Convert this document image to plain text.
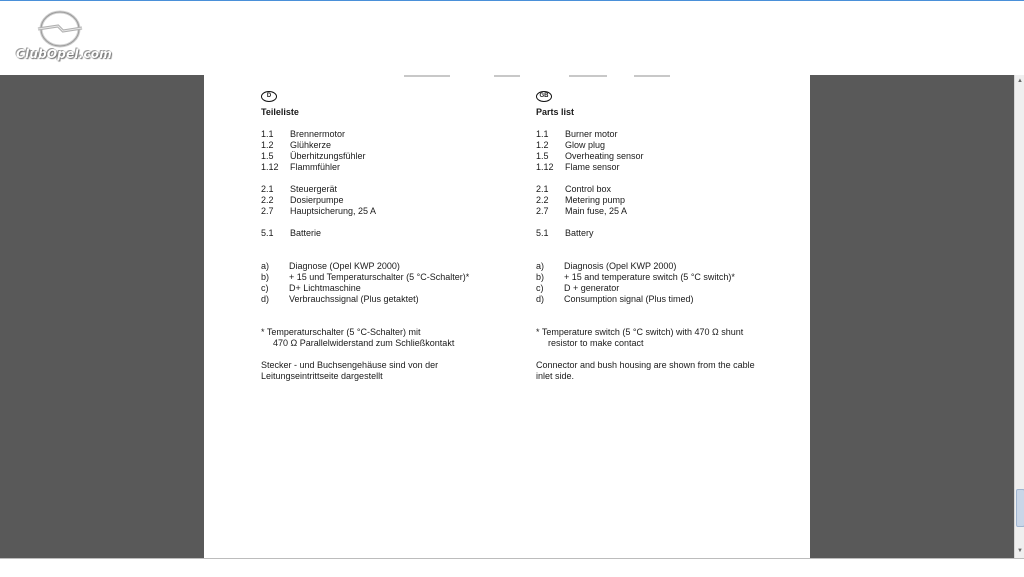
ClubOpel.com
D
Teileliste
1.1	Brennermotor
1.2	Glühkerze
1.5	Überhitzungsfühler
1.12	Flammfühler
2.1	Steuergerät
2.2	Dosierpumpe
2.7	Hauptsicherung, 25 A
5.1	Batterie
a)	Diagnose (Opel KWP 2000)
b)	+ 15 und Temperaturschalter (5 °C-Schalter)*
c)	D+ Lichtmaschine
d)	Verbrauchssignal (Plus getaktet)
* Temperaturschalter (5 °C-Schalter) mit
470 Ω Parallelwiderstand zum Schließkontakt
Stecker - und Buchsengehäuse sind von der
Leitungseintrittseite dargestellt
GB
Parts list
1.1	Burner motor
1.2	Glow plug
1.5	Overheating sensor
1.12	Flame sensor
2.1	Control box
2.2	Metering pump
2.7	Main fuse, 25 A
5.1	Battery
a)	Diagnosis (Opel KWP 2000)
b)	+ 15 and temperature switch (5 °C switch)*
c)	D + generator
d)	Consumption signal (Plus timed)
* Temperature switch (5 °C switch) with 470 Ω shunt
resistor to make contact
Connector and bush housing are shown from the cable
inlet side.
▲
▼
